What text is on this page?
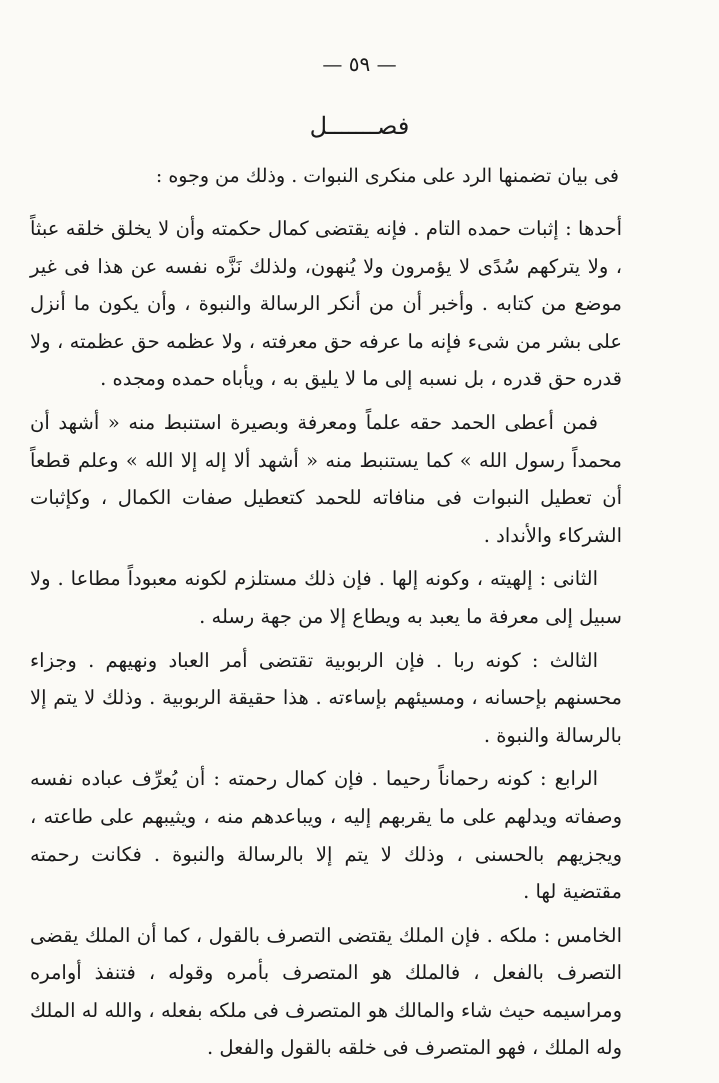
— ٥٩ —
فصـــــــل
فى بيان تضمنها الرد على منكرى النبوات . وذلك من وجوه :

أحدها : إثبات حمده التام . فإنه يقتضى كمال حكمته وأن لا يخلق خلقه عبثاً ، ولا يتركهم سُدًى لا يؤمرون ولا يُنهون، ولذلك نَزَّه نفسه عن هذا فى غير موضع من كتابه . وأخبر أن من أنكر الرسالة والنبوة ، وأن يكون ما أنزل على بشر من شىء فإنه ما عرفه حق معرفته ، ولا عظمه حق عظمته ، ولا قدره حق قدره ، بل نسبه إلى ما لا يليق به ، ويأباه حمده ومجده .

فمن أعطى الحمد حقه علماً ومعرفة وبصيرة استنبط منه « أشهد أن محمداً رسول الله » كما يستنبط منه « أشهد ألا إله إلا الله » وعلم قطعاً أن تعطيل النبوات فى منافاته للحمد كتعطيل صفات الكمال ، وكإثبات الشركاء والأنداد .

الثانى : إلهيته ، وكونه إلها . فإن ذلك مستلزم لكونه معبوداً مطاعا . ولا سبيل إلى معرفة ما يعبد به ويطاع إلا من جهة رسله .

الثالث : كونه ربا . فإن الربوبية تقتضى أمر العباد ونهيهم . وجزاء محسنهم بإحسانه ، ومسيئهم بإساءته . هذا حقيقة الربوبية . وذلك لا يتم إلا بالرسالة والنبوة .

الرابع : كونه رحماناً رحيما . فإن كمال رحمته : أن يُعرِّف عباده نفسه وصفاته ويدلهم على ما يقربهم إليه ، ويباعدهم منه ، ويثيبهم على طاعته ، ويجزيهم بالحسنى ، وذلك لا يتم إلا بالرسالة والنبوة . فكانت رحمته مقتضية لها .

الخامس : ملكه . فإن الملك يقتضى التصرف بالقول ، كما أن الملك يقضى التصرف بالفعل ، فالملك هو المتصرف بأمره وقوله ، فتنفذ أوامره ومراسيمه حيث شاء والمالك هو المتصرف فى ملكه بفعله ، والله له الملك وله الملك ، فهو المتصرف فى خلقه بالقول والفعل .
